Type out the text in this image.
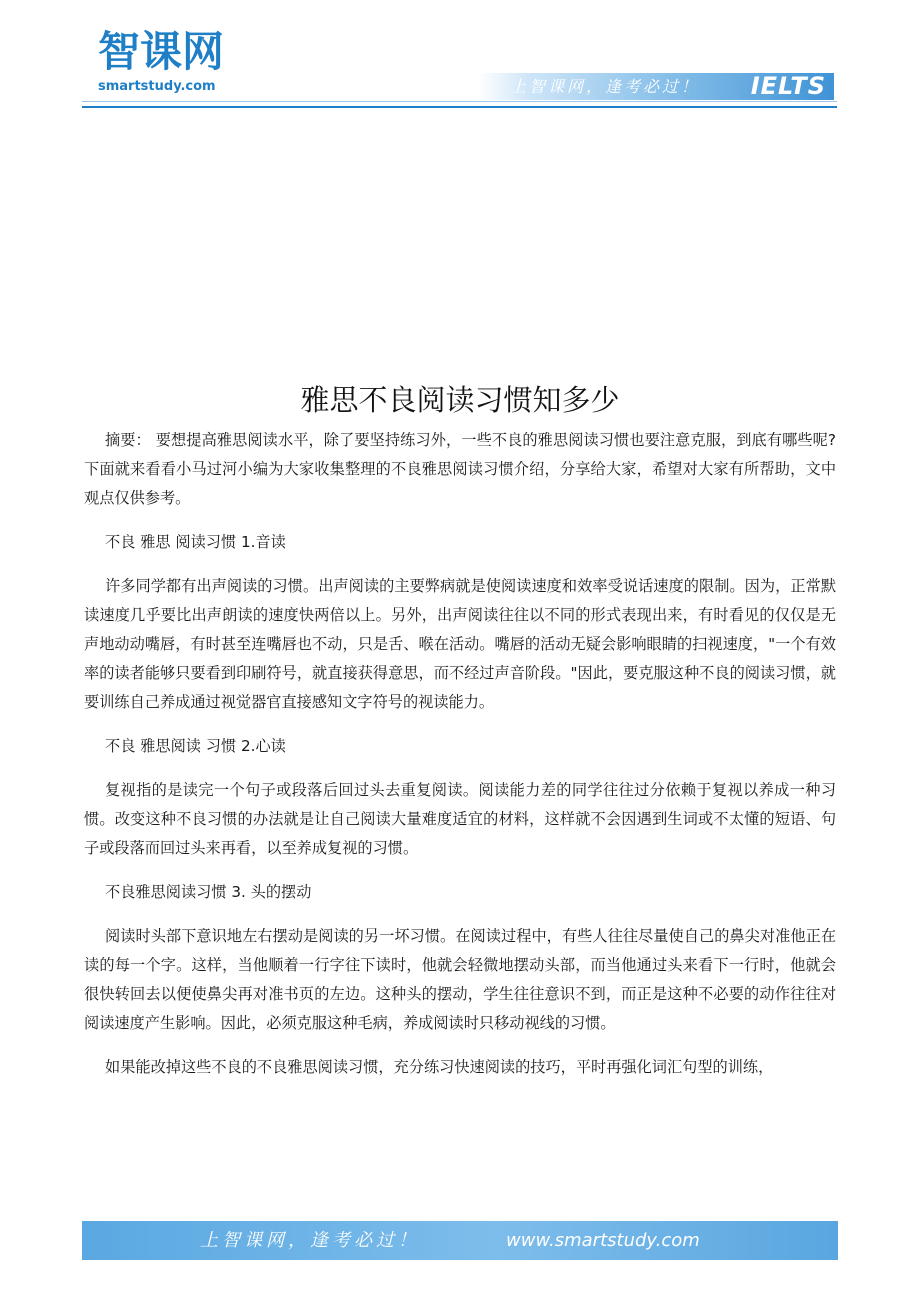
智课网
smartstudy.com	上智课网，逢考必过！ IELTS
雅思不良阅读习惯知多少

摘要： 要想提高雅思阅读水平，除了要坚持练习外，一些不良的雅思阅读习惯也要注意克服，到底有哪些呢?下面就来看看小马过河小编为大家收集整理的不良雅思阅读习惯介绍，分享给大家，希望对大家有所帮助，文中观点仅供参考。

不良 雅思 阅读习惯 1.音读

许多同学都有出声阅读的习惯。出声阅读的主要弊病就是使阅读速度和效率受说话速度的限制。因为，正常默读速度几乎要比出声朗读的速度快两倍以上。另外，出声阅读往往以不同的形式表现出来，有时看见的仅仅是无声地动动嘴唇，有时甚至连嘴唇也不动，只是舌、喉在活动。嘴唇的活动无疑会影响眼睛的扫视速度，"一个有效率的读者能够只要看到印刷符号，就直接获得意思，而不经过声音阶段。"因此，要克服这种不良的阅读习惯，就要训练自己养成通过视觉器官直接感知文字符号的视读能力。

不良 雅思阅读 习惯 2.心读

复视指的是读完一个句子或段落后回过头去重复阅读。阅读能力差的同学往往过分依赖于复视以养成一种习惯。改变这种不良习惯的办法就是让自己阅读大量难度适宜的材料，这样就不会因遇到生词或不太懂的短语、句子或段落而回过头来再看，以至养成复视的习惯。

不良雅思阅读习惯 3. 头的摆动

阅读时头部下意识地左右摆动是阅读的另一坏习惯。在阅读过程中，有些人往往尽量使自己的鼻尖对准他正在读的每一个字。这样，当他顺着一行字往下读时，他就会轻微地摆动头部，而当他通过头来看下一行时，他就会很快转回去以便使鼻尖再对准书页的左边。这种头的摆动，学生往往意识不到，而正是这种不必要的动作往往对阅读速度产生影响。因此，必须克服这种毛病，养成阅读时只移动视线的习惯。

如果能改掉这些不良的不良雅思阅读习惯，充分练习快速阅读的技巧，平时再强化词汇句型的训练，

上智课网，逢考必过！	www.smartstudy.com
